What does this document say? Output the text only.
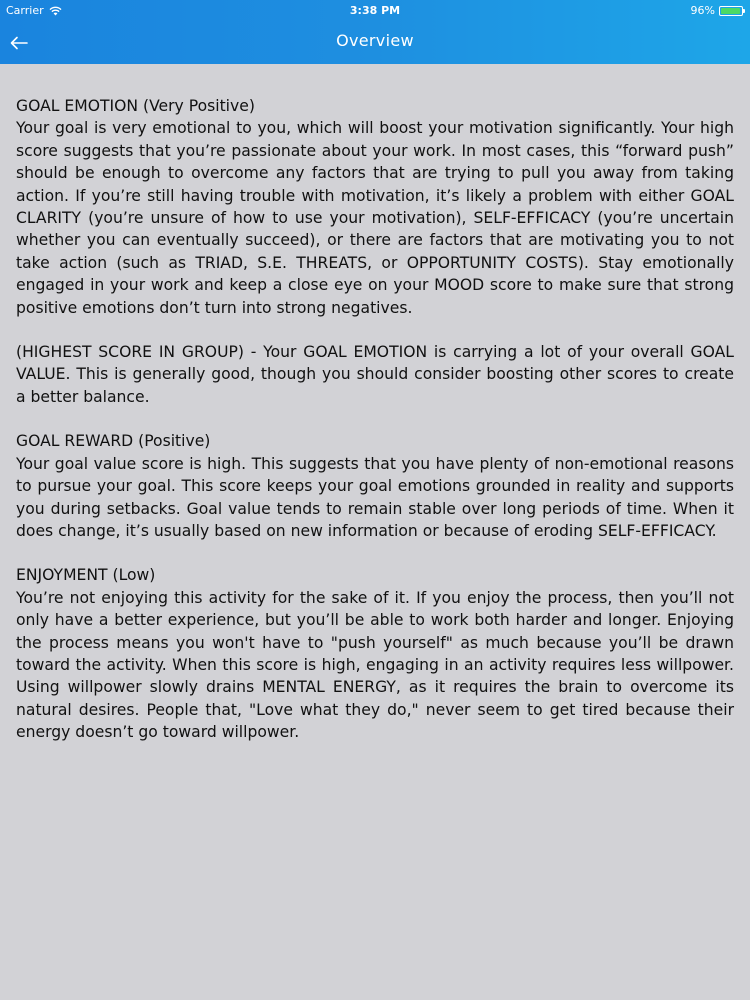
Carrier	3:38 PM	96%
Overview
GOAL EMOTION (Very Positive)

Your goal is very emotional to you, which will boost your motivation significantly. Your high score suggests that you’re passionate about your work. In most cases, this “forward push” should be enough to overcome any factors that are trying to pull you away from taking action. If you’re still having trouble with motivation, it’s likely a problem with either GOAL CLARITY (you’re unsure of how to use your motivation), SELF-EFFICACY (you’re uncertain whether you can eventually succeed), or there are factors that are motivating you to not take action (such as TRIAD, S.E. THREATS, or OPPORTUNITY COSTS). Stay emotionally engaged in your work and keep a close eye on your MOOD score to make sure that strong positive emotions don’t turn into strong negatives.

(HIGHEST SCORE IN GROUP) - Your GOAL EMOTION is carrying a lot of your overall GOAL VALUE. This is generally good, though you should consider boosting other scores to create a better balance.

GOAL REWARD (Positive)

Your goal value score is high. This suggests that you have plenty of non-emotional reasons to pursue your goal. This score keeps your goal emotions grounded in reality and supports you during setbacks. Goal value tends to remain stable over long periods of time. When it does change, it’s usually based on new information or because of eroding SELF-EFFICACY.

ENJOYMENT (Low)

You’re not enjoying this activity for the sake of it. If you enjoy the process, then you’ll not only have a better experience, but you’ll be able to work both harder and longer. Enjoying the process means you won't have to "push yourself" as much because you’ll be drawn toward the activity. When this score is high, engaging in an activity requires less willpower. Using willpower slowly drains MENTAL ENERGY, as it requires the brain to overcome its natural desires. People that, "Love what they do," never seem to get tired because their energy doesn’t go toward willpower.
